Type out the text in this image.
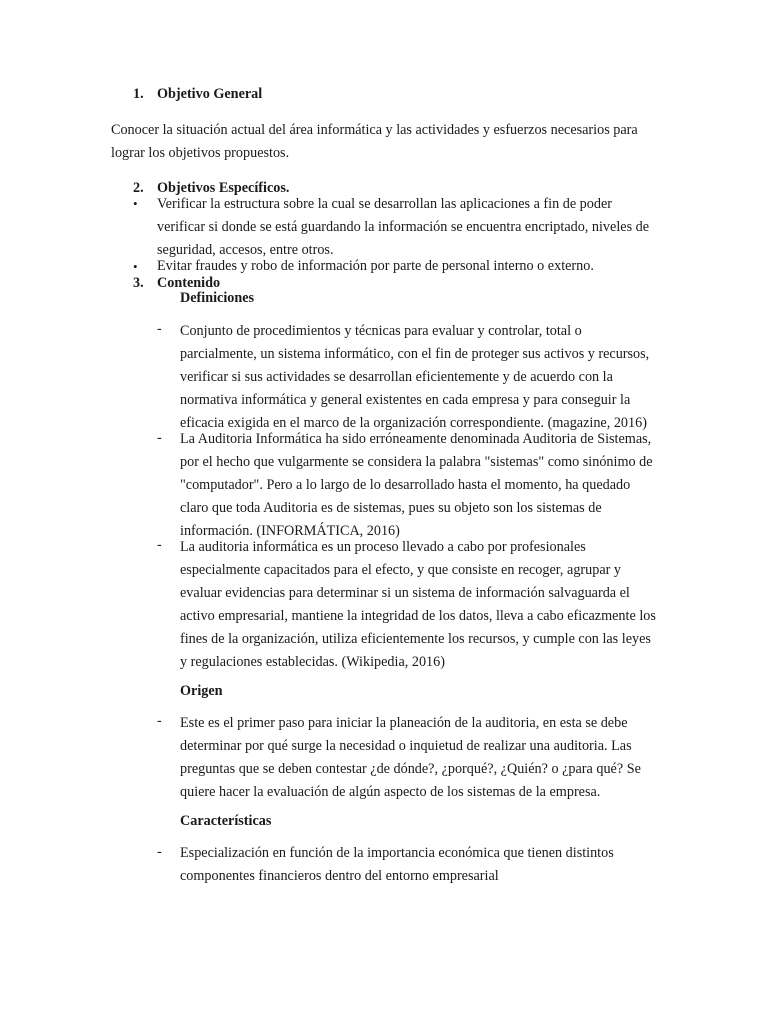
1. Objetivo General
Conocer la situación actual del área informática y las actividades y esfuerzos necesarios para
lograr los objetivos propuestos.
2. Objetivos Específicos.
• Verificar la estructura sobre la cual se desarrollan las aplicaciones a fin de poder
verificar si donde se está guardando la información se encuentra encriptado, niveles de
seguridad, accesos, entre otros.
• Evitar fraudes y robo de información por parte de personal interno o externo.
3. Contenido
Definiciones
- Conjunto de procedimientos y técnicas para evaluar y controlar, total o
parcialmente, un sistema informático, con el fin de proteger sus activos y recursos,
verificar si sus actividades se desarrollan eficientemente y de acuerdo con la
normativa informática y general existentes en cada empresa y para conseguir la
eficacia exigida en el marco de la organización correspondiente. (magazine, 2016)
- La Auditoria Informática ha sido erróneamente denominada Auditoria de Sistemas,
por el hecho que vulgarmente se considera la palabra "sistemas" como sinónimo de
"computador". Pero a lo largo de lo desarrollado hasta el momento, ha quedado
claro que toda Auditoria es de sistemas, pues su objeto son los sistemas de
información. (INFORMÁTICA, 2016)
- La auditoria informática es un proceso llevado a cabo por profesionales
especialmente capacitados para el efecto, y que consiste en recoger, agrupar y
evaluar evidencias para determinar si un sistema de información salvaguarda el
activo empresarial, mantiene la integridad de los datos, lleva a cabo eficazmente los
fines de la organización, utiliza eficientemente los recursos, y cumple con las leyes
y regulaciones establecidas. (Wikipedia, 2016)
Origen
- Este es el primer paso para iniciar la planeación de la auditoria, en esta se debe
determinar por qué surge la necesidad o inquietud de realizar una auditoria. Las
preguntas que se deben contestar ¿de dónde?, ¿porqué?, ¿Quién? o ¿para qué? Se
quiere hacer la evaluación de algún aspecto de los sistemas de la empresa.
Características
- Especialización en función de la importancia económica que tienen distintos
componentes financieros dentro del entorno empresarial
